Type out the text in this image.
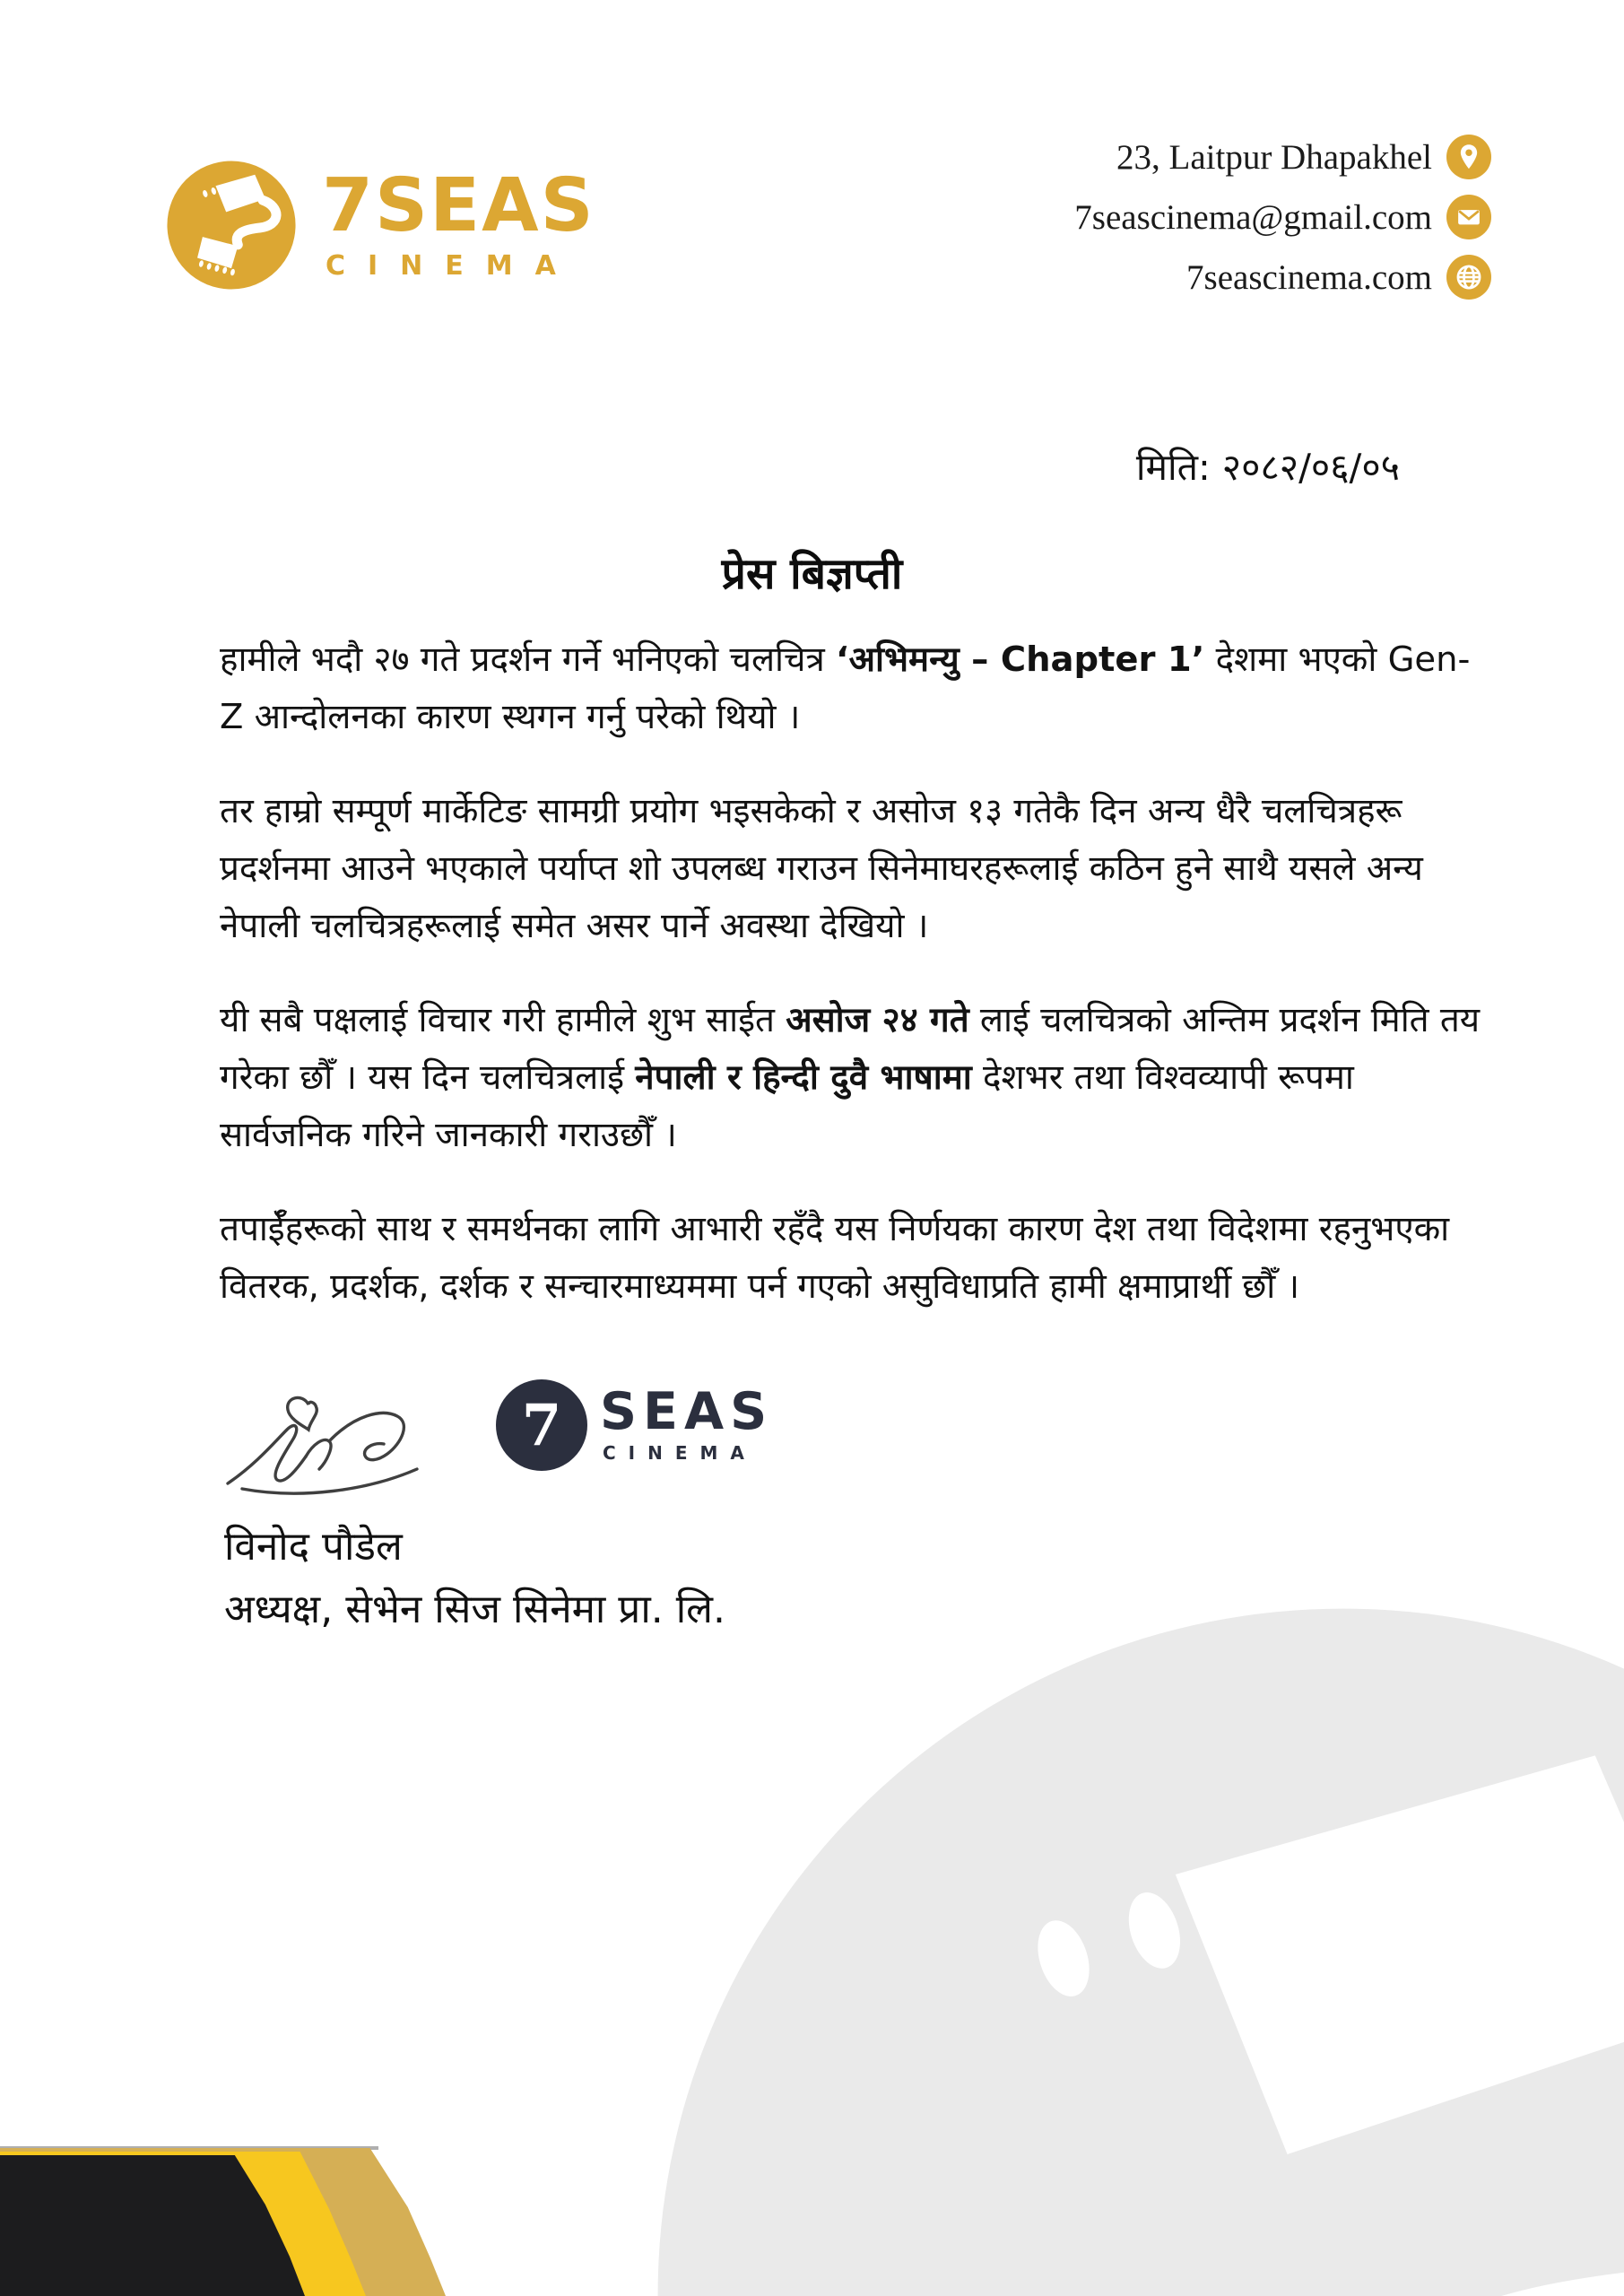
7SEAS
CINEMA
23, Laitpur Dhapakhel
7seascinema@gmail.com
7seascinema.com
मिति: २०८२/०६/०५
प्रेस बिज्ञप्ती

हामीले भदौ २७ गते प्रदर्शन गर्ने भनिएको चलचित्र ‘अभिमन्यु – Chapter 1’ देशमा भएको Gen-Z आन्दोलनका कारण स्थगन गर्नु परेको थियो ।

तर हाम्रो सम्पूर्ण मार्केटिङ सामग्री प्रयोग भइसकेको र असोज १३ गतेकै दिन अन्य धैरै चलचित्रहरू प्रदर्शनमा आउने भएकाले पर्याप्त शो उपलब्ध गराउन सिनेमाघरहरूलाई कठिन हुने साथै यसले अन्य नेपाली चलचित्रहरूलाई समेत असर पार्ने अवस्था देखियो ।

यी सबै पक्षलाई विचार गरी हामीले शुभ साईत असोज २४ गते लाई चलचित्रको अन्तिम प्रदर्शन मिति तय गरेका छौँ । यस दिन चलचित्रलाई नेपाली र हिन्दी दुवै भाषामा देशभर तथा विश्वव्यापी रूपमा सार्वजनिक गरिने जानकारी गराउछौँ ।

तपाईँहरूको साथ र समर्थनका लागि आभारी रहँदै यस निर्णयका कारण देश तथा विदेशमा रहनुभएका वितरक, प्रदर्शक, दर्शक र सन्चारमाध्यममा पर्न गएको असुविधाप्रति हामी क्षमाप्रार्थी छौँ ।

7 SEAS
CINEMA
विनोद पौडेल
अध्यक्ष, सेभेन सिज सिनेमा प्रा. लि.
